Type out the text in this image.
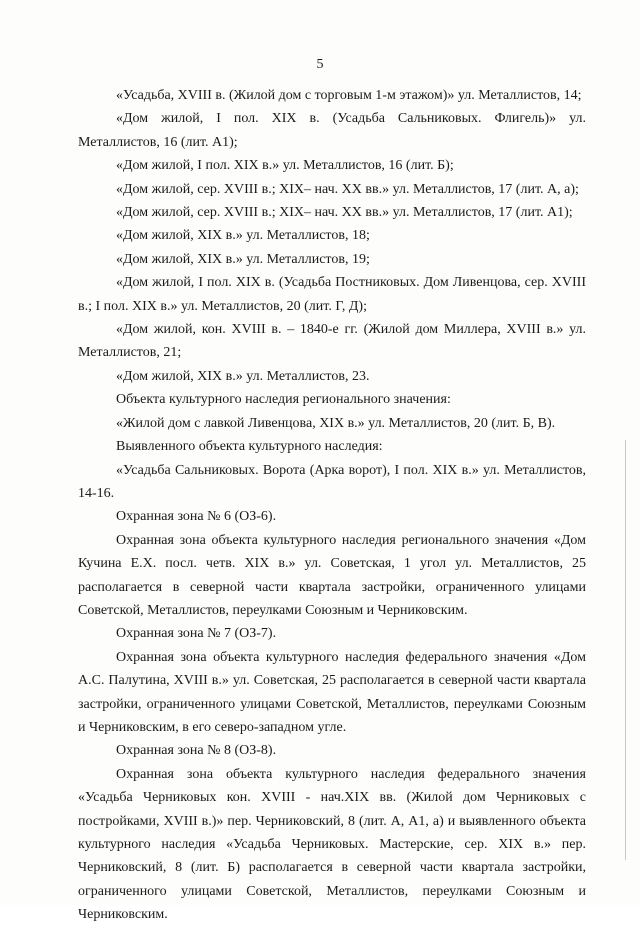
5

«Усадьба, XVIII в. (Жилой дом с торговым 1-м этажом)» ул. Металлистов, 14;

«Дом жилой, I пол. XIX в. (Усадьба Сальниковых. Флигель)» ул. Металлистов, 16 (лит. А1);

«Дом жилой, I пол. XIX в.» ул. Металлистов, 16 (лит. Б);

«Дом жилой, сер. XVIII в.; XIX– нач. XX вв.» ул. Металлистов, 17 (лит. А, а);

«Дом жилой, сер. XVIII в.; XIX– нач. XX вв.» ул. Металлистов, 17 (лит. А1);

«Дом жилой, XIX в.» ул. Металлистов, 18;

«Дом жилой, XIX в.» ул. Металлистов, 19;

«Дом жилой, I пол. XIX в. (Усадьба Постниковых. Дом Ливенцова, сер. XVIII в.; I пол. XIX в.» ул. Металлистов, 20 (лит. Г, Д);

«Дом жилой, кон. XVIII в. – 1840-е гг. (Жилой дом Миллера, XVIII в.» ул. Металлистов, 21;

«Дом жилой, XIX в.» ул. Металлистов, 23.

Объекта культурного наследия регионального значения:

«Жилой дом с лавкой Ливенцова, XIX в.» ул. Металлистов, 20 (лит. Б, В).

Выявленного объекта культурного наследия:

«Усадьба Сальниковых. Ворота (Арка ворот), I пол. XIX в.» ул. Металлистов, 14-16.

Охранная зона № 6 (ОЗ-6).

Охранная зона объекта культурного наследия регионального значения «Дом Кучина Е.Х. посл. четв. XIX в.» ул. Советская, 1 угол ул. Металлистов, 25 располагается в северной части квартала застройки, ограниченного улицами Советской, Металлистов, переулками Союзным и Черниковским.

Охранная зона № 7 (ОЗ-7).

Охранная зона объекта культурного наследия федерального значения «Дом А.С. Палутина, XVIII в.» ул. Советская, 25 располагается в северной части квартала застройки, ограниченного улицами Советской, Металлистов, переулками Союзным и Черниковским, в его северо-западном угле.

Охранная зона № 8 (ОЗ-8).

Охранная зона объекта культурного наследия федерального значения «Усадьба Черниковых кон. XVIII - нач.XIX вв. (Жилой дом Черниковых с постройками, XVIII в.)» пер. Черниковский, 8 (лит. А, А1, а) и выявленного объекта культурного наследия «Усадьба Черниковых. Мастерские, сер. XIX в.» пер. Черниковский, 8 (лит. Б) располагается в северной части квартала застройки, ограниченного улицами Советской, Металлистов, переулками Союзным и Черниковским.
